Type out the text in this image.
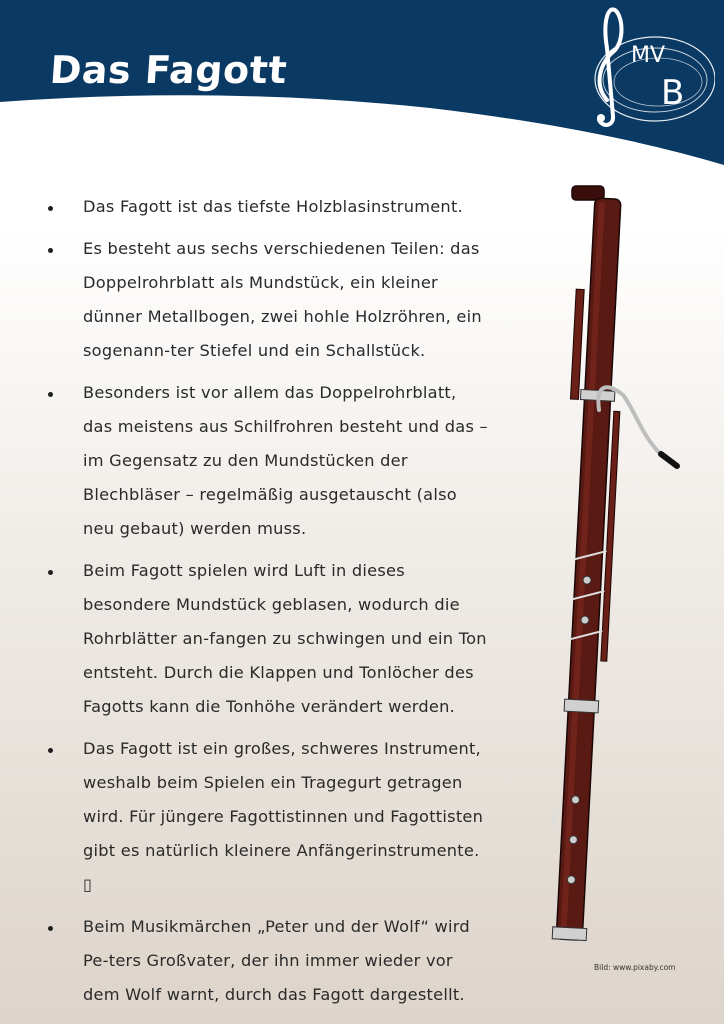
Das Fagott	MV
B
Das Fagott ist das tiefste Holzblasinstrument.
Es besteht aus sechs verschiedenen Teilen: das Doppelrohrblatt als Mundstück, ein kleiner dünner Metallbogen, zwei hohle Holzröhren, ein sogenann-ter Stiefel und ein Schallstück.
Besonders ist vor allem das Doppelrohrblatt, das meistens aus Schilfrohren besteht und das – im Gegensatz zu den Mundstücken der Blechbläser – regelmäßig ausgetauscht (also neu gebaut) werden muss.
Beim Fagott spielen wird Luft in dieses besondere Mundstück geblasen, wodurch die Rohrblätter an-fangen zu schwingen und ein Ton entsteht. Durch die Klappen und Tonlöcher des Fagotts kann die Tonhöhe verändert werden.
Das Fagott ist ein großes, schweres Instrument, weshalb beim Spielen ein Tragegurt getragen wird. Für jüngere Fagottistinnen und Fagottisten gibt es natürlich kleinere Anfängerinstrumente. ▯
Beim Musikmärchen „Peter und der Wolf“ wird Pe-ters Großvater, der ihn immer wieder vor dem Wolf warnt, durch das Fagott dargestellt.
Bild: www.pixaby.com
